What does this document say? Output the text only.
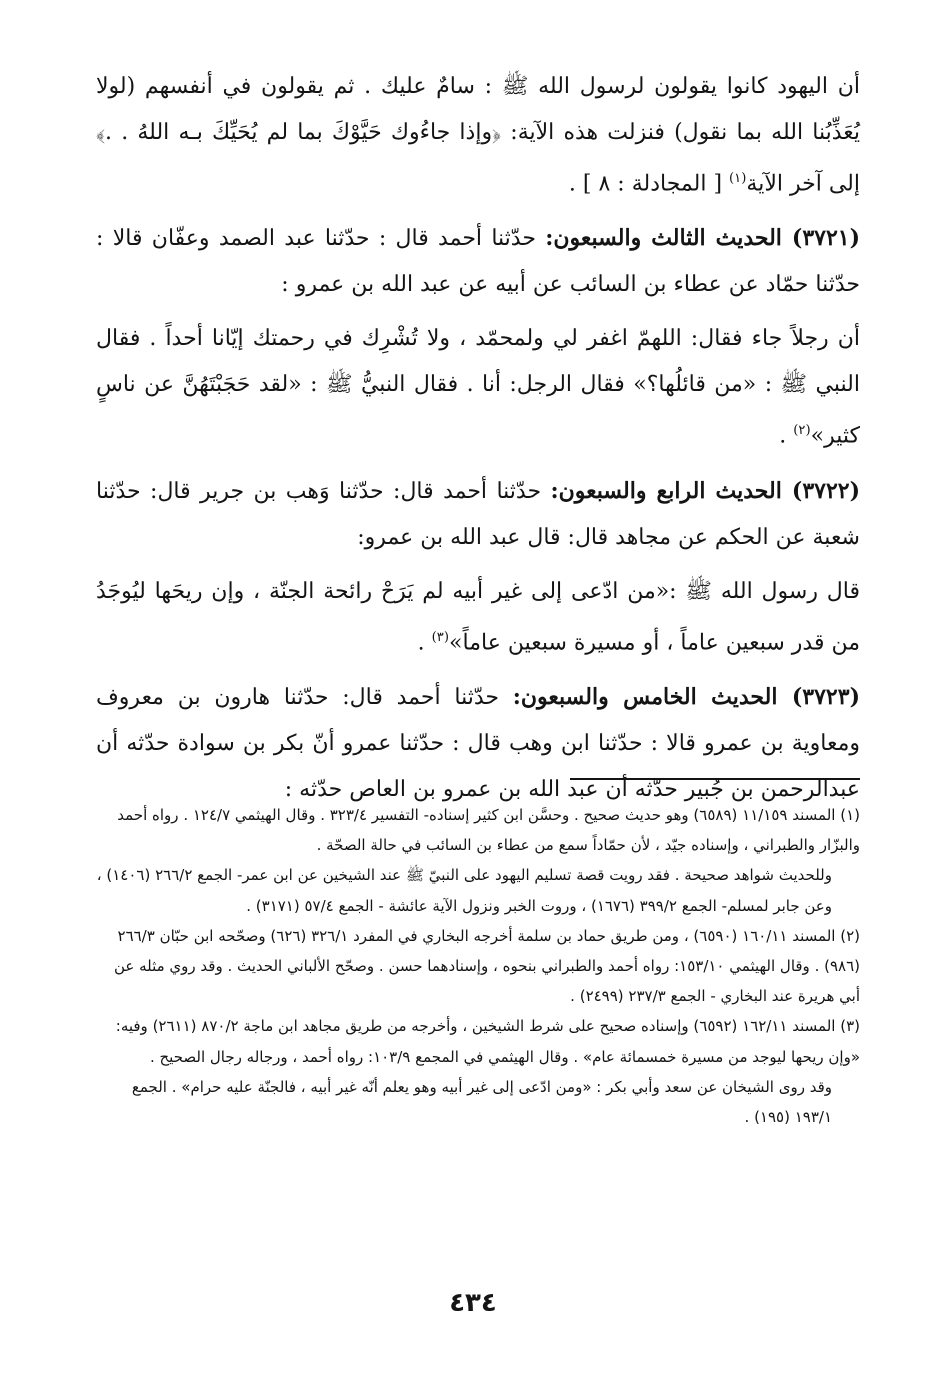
أن اليهود كانوا يقولون لرسول الله ﷺ : سامٌ عليك . ثم يقولون في أنفسهم (لولا يُعَذِّبُنا الله بما نقول) فنزلت هذه الآية: ﴿وإذا جاءُوك حَيَّوْكَ بما لم يُحَيِّكَ بـه اللهُ . .﴾ إلى آخر الآية$^{(١)}$ [ المجادلة : ٨ ] .

(٣٧٢١) الحديث الثالث والسبعون: حدّثنا أحمد قال : حدّثنا عبد الصمد وعفّان قالا : حدّثنا حمّاد عن عطاء بن السائب عن أبيه عن عبد الله بن عمرو :

أن رجلاً جاء فقال: اللهمّ اغفر لي ولمحمّد ، ولا تُشْرِك في رحمتك إيّانا أحداً . فقال النبي ﷺ : «من قائلُها؟» فقال الرجل: أنا . فقال النبيُّ ﷺ : «لقد حَجَبْتَهُنَّ عن ناسٍ كثير»$^{(٢)}$ .

(٣٧٢٢) الحديث الرابع والسبعون: حدّثنا أحمد قال: حدّثنا وَهب بن جرير قال: حدّثنا شعبة عن الحكم عن مجاهد قال: قال عبد الله بن عمرو:

قال رسول الله ﷺ :«من ادّعى إلى غير أبيه لم يَرَحْ رائحة الجنّة ، وإن ريحَها ليُوجَدُ من قدر سبعين عاماً ، أو مسيرة سبعين عاماً»$^{(٣)}$ .

(٣٧٢٣) الحديث الخامس والسبعون: حدّثنا أحمد قال: حدّثنا هارون بن معروف ومعاوية بن عمرو قالا : حدّثنا ابن وهب قال : حدّثنا عمرو أنّ بكر بن سوادة حدّثه أن عبدالرحمن بن جُبير حدّثه أن عبد الله بن عمرو بن العاص حدّثه :

(١) المسند ١١/١٥٩ (٦٥٨٩) وهو حديث صحيح . وحسَّن ابن كثير إسناده- التفسير ٣٢٣/٤ . وقال الهيثمي ١٢٤/٧ . رواه أحمد والبزّار والطبراني ، وإسناده جيّد ، لأن حمّاداً سمع من عطاء بن السائب في حالة الصحّة .

وللحديث شواهد صحيحة . فقد رويت قصة تسليم اليهود على النبيّ ﷺ عند الشيخين عن ابن عمر- الجمع ٢٦٦/٢ (١٤٠٦) ، وعن جابر لمسلم- الجمع ٣٩٩/٢ (١٦٧٦) ، وروت الخبر ونزول الآية عائشة - الجمع ٥٧/٤ (٣١٧١) .

(٢) المسند ١٦٠/١١ (٦٥٩٠) ، ومن طريق حماد بن سلمة أخرجه البخاري في المفرد ٣٢٦/١ (٦٢٦) وصحّحه ابن حبّان ٢٦٦/٣ (٩٨٦) . وقال الهيثمي ١٥٣/١٠: رواه أحمد والطبراني بنحوه ، وإسنادهما حسن . وصحّح الألباني الحديث . وقد روي مثله عن أبي هريرة عند البخاري - الجمع ٢٣٧/٣ (٢٤٩٩) .

(٣) المسند ١٦٢/١١ (٦٥٩٢) وإسناده صحيح على شرط الشيخين ، وأخرجه من طريق مجاهد ابن ماجة ٨٧٠/٢ (٢٦١١) وفيه: «وإن ريحها ليوجد من مسيرة خمسمائة عام» . وقال الهيثمي في المجمع ١٠٣/٩: رواه أحمد ، ورجاله رجال الصحيح .

وقد روى الشيخان عن سعد وأبي بكر : «ومن ادّعى إلى غير أبيه وهو يعلم أنّه غير أبيه ، فالجنّة عليه حرام» . الجمع ١٩٣/١ (١٩٥) .

٤٣٤
